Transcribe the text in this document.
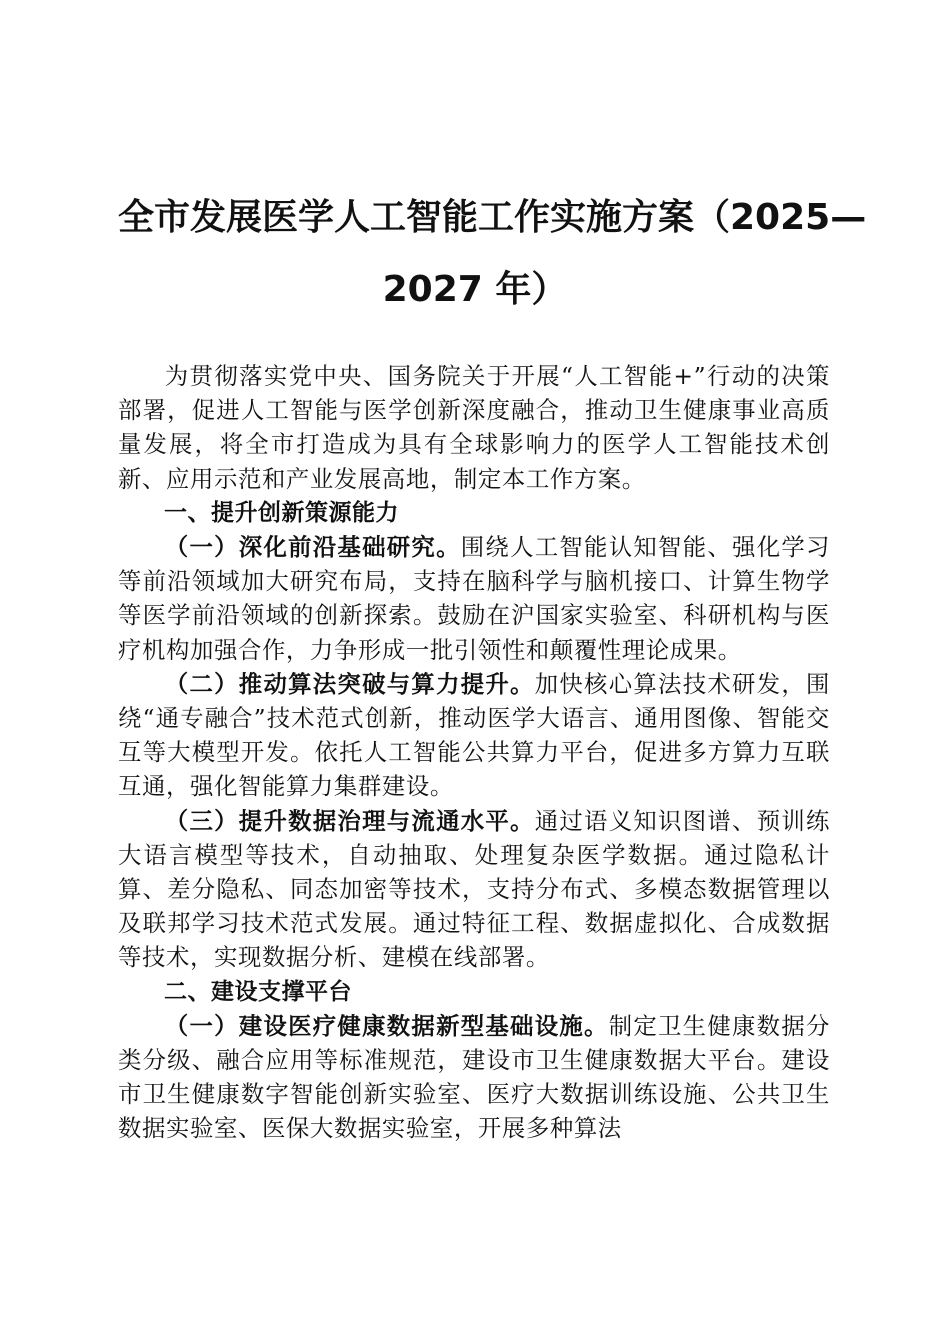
全市发展医学人工智能工作实施方案（2025—
2027 年）

为贯彻落实党中央、国务院关于开展“人工智能+”行动的决策部署，促进人工智能与医学创新深度融合，推动卫生健康事业高质量发展，将全市打造成为具有全球影响力的医学人工智能技术创新、应用示范和产业发展高地，制定本工作方案。

一、提升创新策源能力

（一）深化前沿基础研究。围绕人工智能认知智能、强化学习等前沿领域加大研究布局，支持在脑科学与脑机接口、计算生物学等医学前沿领域的创新探索。鼓励在沪国家实验室、科研机构与医疗机构加强合作，力争形成一批引领性和颠覆性理论成果。

（二）推动算法突破与算力提升。加快核心算法技术研发，围绕“通专融合”技术范式创新，推动医学大语言、通用图像、智能交互等大模型开发。依托人工智能公共算力平台，促进多方算力互联互通，强化智能算力集群建设。

（三）提升数据治理与流通水平。通过语义知识图谱、预训练大语言模型等技术，自动抽取、处理复杂医学数据。通过隐私计算、差分隐私、同态加密等技术，支持分布式、多模态数据管理以及联邦学习技术范式发展。通过特征工程、数据虚拟化、合成数据等技术，实现数据分析、建模在线部署。

二、建设支撑平台

（一）建设医疗健康数据新型基础设施。制定卫生健康数据分类分级、融合应用等标准规范，建设市卫生健康数据大平台。建设市卫生健康数字智能创新实验室、医疗大数据训练设施、公共卫生数据实验室、医保大数据实验室，开展多种算法
